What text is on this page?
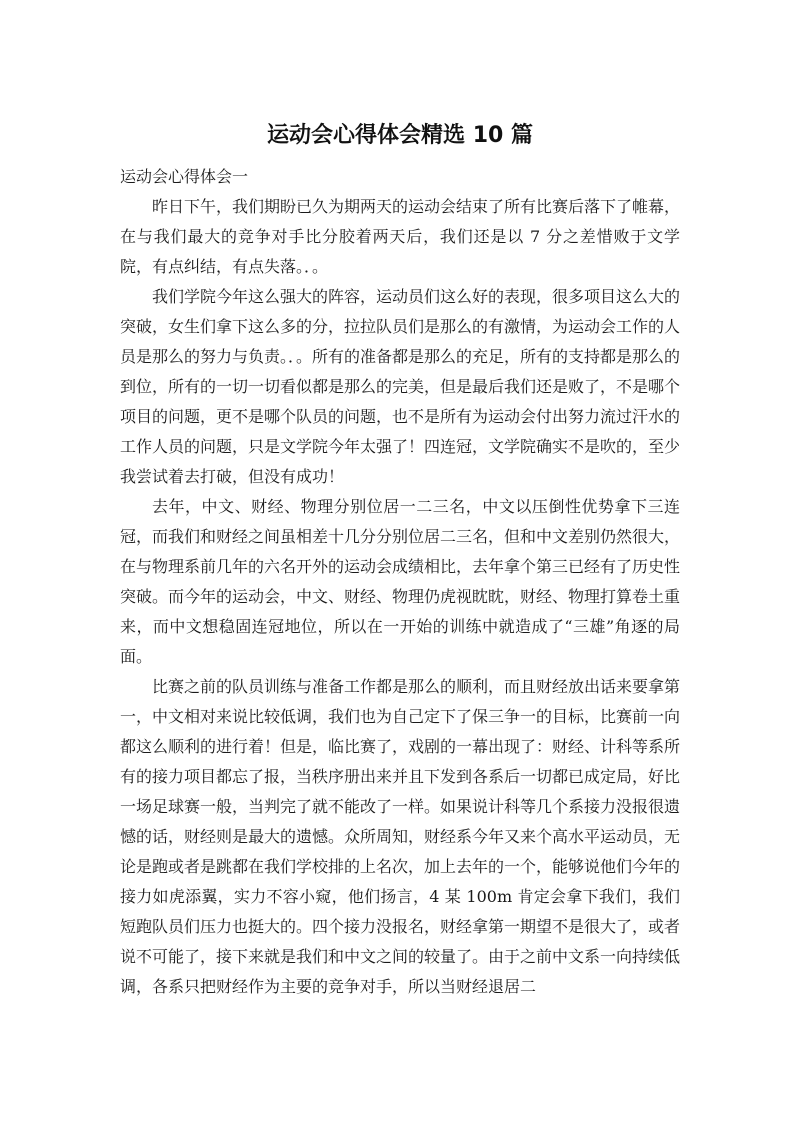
运动会心得体会精选 10 篇

运动会心得体会一

昨日下午，我们期盼已久为期两天的运动会结束了所有比赛后落下了帷幕，在与我们最大的竞争对手比分胶着两天后，我们还是以 7 分之差惜败于文学院，有点纠结，有点失落。．。

我们学院今年这么强大的阵容，运动员们这么好的表现，很多项目这么大的突破，女生们拿下这么多的分，拉拉队员们是那么的有激情，为运动会工作的人员是那么的努力与负责。．。所有的准备都是那么的充足，所有的支持都是那么的到位，所有的一切一切看似都是那么的完美，但是最后我们还是败了，不是哪个项目的问题，更不是哪个队员的问题，也不是所有为运动会付出努力流过汗水的工作人员的问题，只是文学院今年太强了！四连冠，文学院确实不是吹的，至少我尝试着去打破，但没有成功！

去年，中文、财经、物理分别位居一二三名，中文以压倒性优势拿下三连冠，而我们和财经之间虽相差十几分分别位居二三名，但和中文差别仍然很大，在与物理系前几年的六名开外的运动会成绩相比，去年拿个第三已经有了历史性突破。而今年的运动会，中文、财经、物理仍虎视眈眈，财经、物理打算卷土重来，而中文想稳固连冠地位，所以在一开始的训练中就造成了“三雄”角逐的局面。

比赛之前的队员训练与准备工作都是那么的顺利，而且财经放出话来要拿第一，中文相对来说比较低调，我们也为自己定下了保三争一的目标，比赛前一向都这么顺利的进行着！但是，临比赛了，戏剧的一幕出现了：财经、计科等系所有的接力项目都忘了报，当秩序册出来并且下发到各系后一切都已成定局，好比一场足球赛一般，当判完了就不能改了一样。如果说计科等几个系接力没报很遗憾的话，财经则是最大的遗憾。众所周知，财经系今年又来个高水平运动员，无论是跑或者是跳都在我们学校排的上名次，加上去年的一个，能够说他们今年的接力如虎添翼，实力不容小窥，他们扬言，4 某 100m 肯定会拿下我们，我们短跑队员们压力也挺大的。四个接力没报名，财经拿第一期望不是很大了，或者说不可能了，接下来就是我们和中文之间的较量了。由于之前中文系一向持续低调，各系只把财经作为主要的竞争对手，所以当财经退居二
